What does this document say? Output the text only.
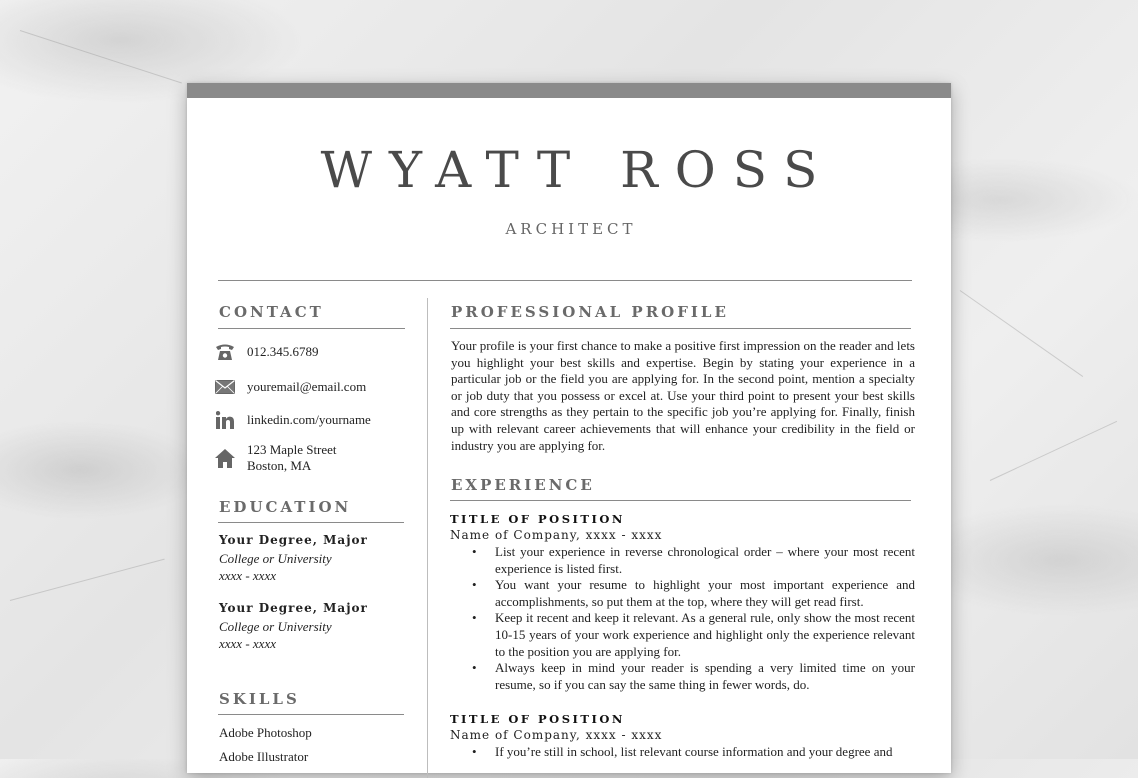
WYATT ROSS
ARCHITECT
CONTACT
012.345.6789
youremail@email.com
linkedin.com/yourname
123 Maple Street
Boston, MA
EDUCATION
Your Degree, Major
College or University
xxxx - xxxx
Your Degree, Major
College or University
xxxx - xxxx
SKILLS
Adobe Photoshop
Adobe Illustrator
PROFESSIONAL PROFILE

Your profile is your first chance to make a positive first impression on the reader and lets you highlight your best skills and expertise. Begin by stating your experience in a particular job or the field you are applying for. In the second point, mention a specialty or job duty that you possess or excel at. Use your third point to present your best skills and core strengths as they pertain to the specific job you’re applying for. Finally, finish up with relevant career achievements that will enhance your credibility in the field or industry you are applying for.

EXPERIENCE
TITLE OF POSITION
Name of Company, xxxx - xxxx
• List your experience in reverse chronological order – where your most recent experience is listed first.
• You want your resume to highlight your most important experience and accomplishments, so put them at the top, where they will get read first.
• Keep it recent and keep it relevant. As a general rule, only show the most recent 10-15 years of your work experience and highlight only the experience relevant to the position you are applying for.
• Always keep in mind your reader is spending a very limited time on your resume, so if you can say the same thing in fewer words, do.
TITLE OF POSITION
Name of Company, xxxx - xxxx
• If you’re still in school, list relevant course information and your degree and
